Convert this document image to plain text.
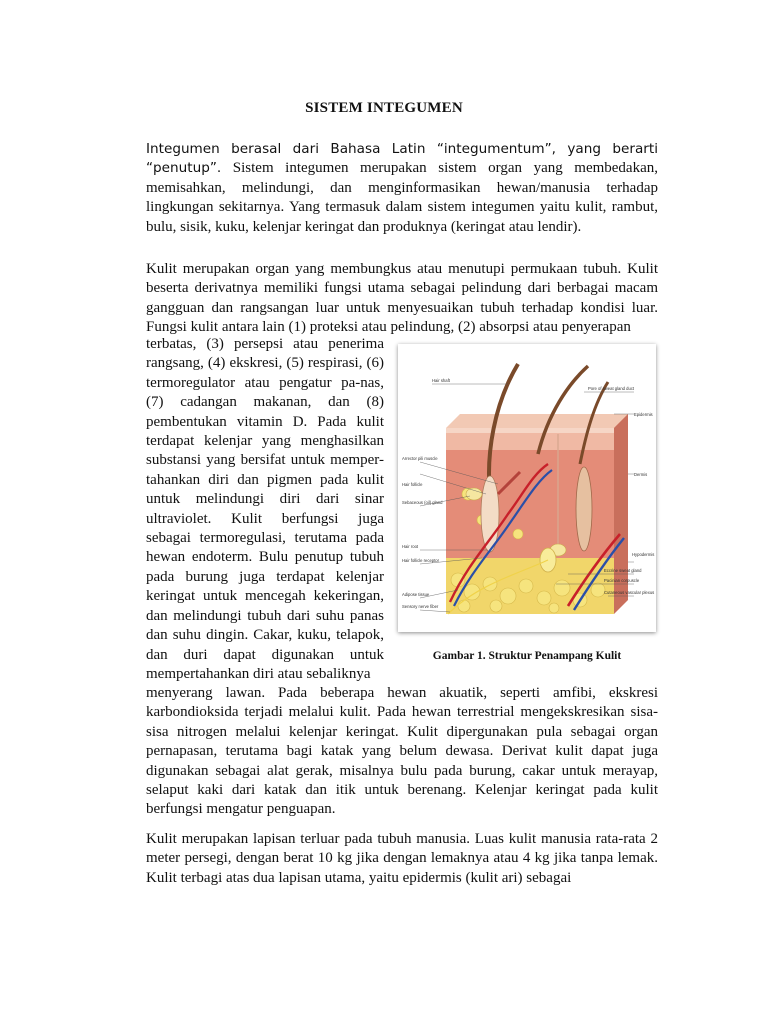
SISTEM INTEGUMEN

Integumen berasal dari Bahasa Latin “integumentum”, yang berarti “penutup”. Sistem integumen merupakan sistem organ yang membedakan, memisahkan, melindungi, dan menginformasikan hewan/manusia terhadap lingkungan sekitarnya. Yang termasuk dalam sistem integumen yaitu kulit, rambut, bulu, sisik, kuku, kelenjar keringat dan produknya (keringat atau lendir).

Kulit merupakan organ yang membungkus atau menutupi permukaan tubuh. Kulit beserta derivatnya memiliki fungsi utama sebagai pelindung dari berbagai macam gangguan dan rangsangan luar untuk menyesuaikan tubuh terhadap kondisi luar. Fungsi kulit antara lain (1) proteksi atau pelindung, (2) absorpsi atau penyerapan

terbatas, (3) persepsi atau penerima rangsang, (4) ekskresi, (5) respirasi, (6) termoregulator atau pengatur pa-nas, (7) cadangan makanan, dan (8) pembentukan vitamin D. Pada kulit terdapat kelenjar yang menghasilkan substansi yang bersifat untuk memper-tahankan diri dan pigmen pada kulit untuk melindungi diri dari sinar ultraviolet. Kulit berfungsi juga sebagai termoregulasi, terutama pada hewan endoterm. Bulu penutup tubuh pada burung juga terdapat kelenjar keringat untuk mencegah kekeringan, dan melindungi tubuh dari suhu panas dan suhu dingin. Cakar, kuku, telapok, dan duri dapat digunakan untuk mempertahankan diri atau sebaliknya

Hair shaft
Arrector pili muscle
Hair follicle
Sebaceous (oil) gland
Hair root
Hair follicle receptor
Adipose tissue
Sensory nerve fiber
Pore of sweat gland duct
Epidermis
Dermis
Hypodermis
Eccrine sweat gland
Pacinian corpuscle
Cutaneous vascular plexus
Gambar 1. Struktur Penampang Kulit

menyerang lawan. Pada beberapa hewan akuatik, seperti amfibi, ekskresi karbondioksida terjadi melalui kulit. Pada hewan terrestrial mengekskresikan sisa-sisa nitrogen melalui kelenjar keringat. Kulit dipergunakan pula sebagai organ pernapasan, terutama bagi katak yang belum dewasa. Derivat kulit dapat juga digunakan sebagai alat gerak, misalnya bulu pada burung, cakar untuk merayap, selaput kaki dari katak dan itik untuk berenang. Kelenjar keringat pada kulit berfungsi mengatur penguapan.

Kulit merupakan lapisan terluar pada tubuh manusia. Luas kulit manusia rata-rata 2 meter persegi, dengan berat 10 kg jika dengan lemaknya atau 4 kg jika tanpa lemak. Kulit terbagi atas dua lapisan utama, yaitu epidermis (kulit ari) sebagai
